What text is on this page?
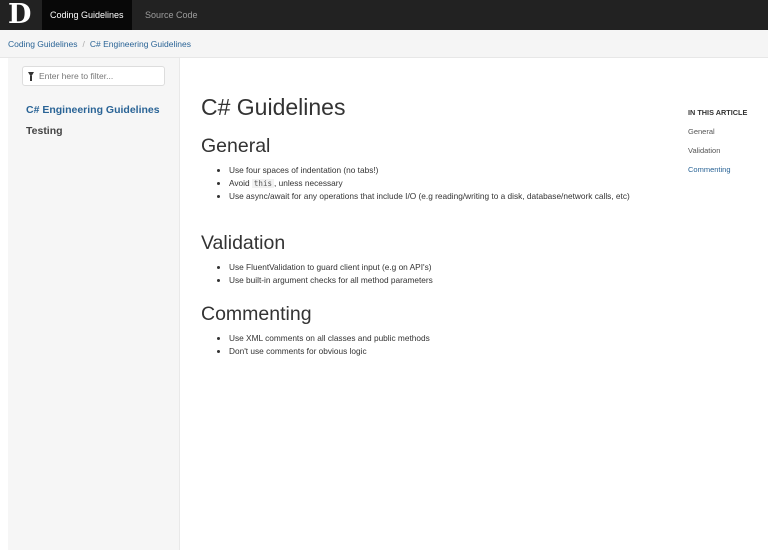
D	Coding Guidelines	Source Code
Coding Guidelines / C# Engineering Guidelines
Enter here to filter...
C# Engineering Guidelines
Testing
C# Guidelines
General
• Use four spaces of indentation (no tabs!)
• Avoid this , unless necessary
• Use async/await for any operations that include I/O (e.g reading/writing to a disk, database/network calls, etc)
Validation
• Use FluentValidation to guard client input (e.g on API's)
• Use built-in argument checks for all method parameters
Commenting
• Use XML comments on all classes and public methods
• Don't use comments for obvious logic
IN THIS ARTICLE
General
Validation
Commenting
